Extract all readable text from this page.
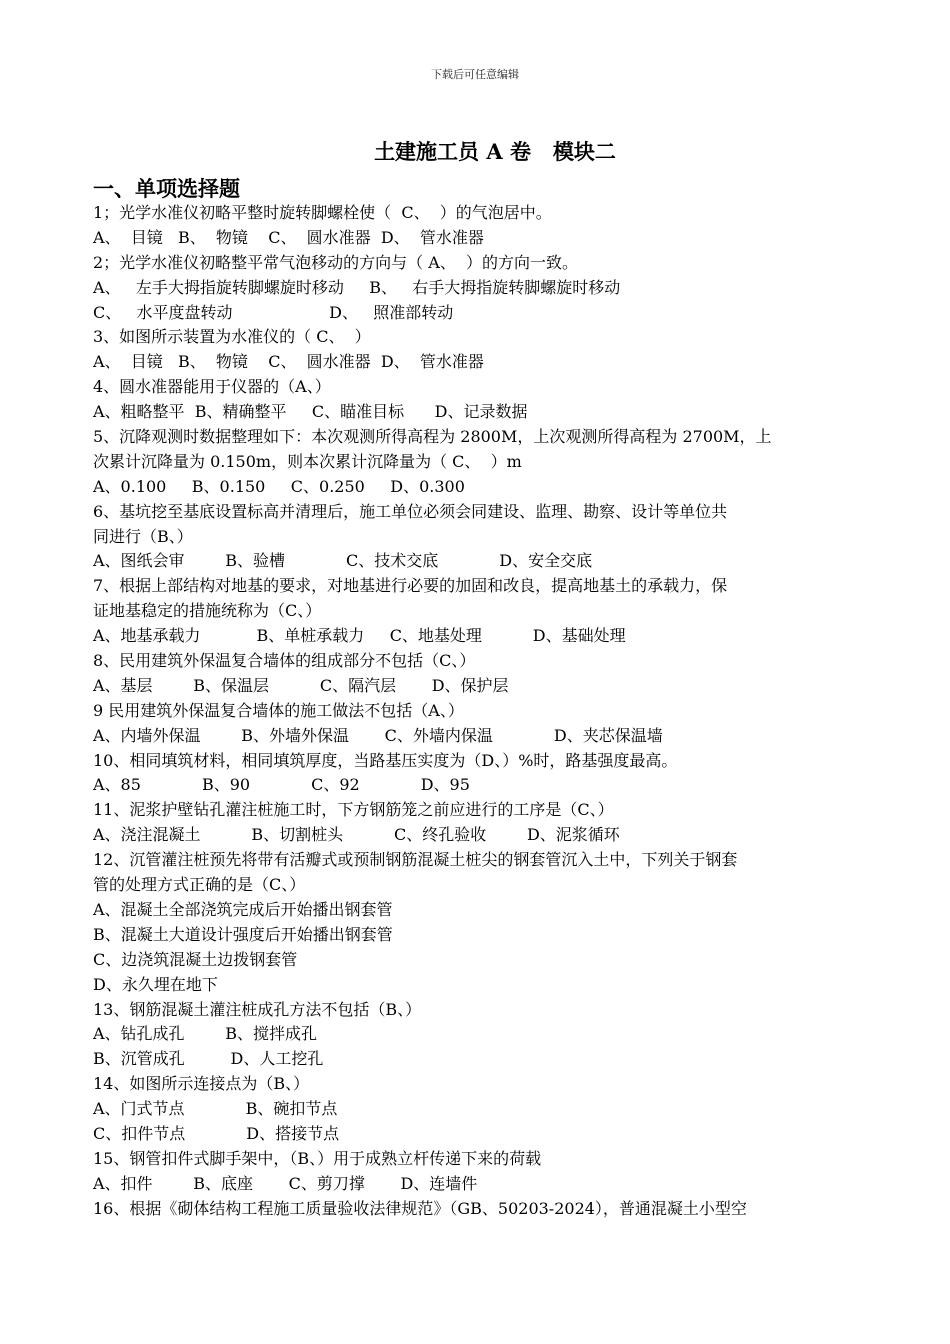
下载后可任意编辑
土建施工员 A 卷   模块二
一、单项选择题
1；光学水准仪初略平整时旋转脚螺栓使（  C、  ）的气泡居中。
A、  目镜   B、  物镜    C、  圆水准器  D、  管水准器
2；光学水准仪初略整平常气泡移动的方向与（ A、  ）的方向一致。
A、   左手大拇指旋转脚螺旋时移动     B、   右手大拇指旋转脚螺旋时移动
C、   水平度盘转动                   D、   照准部转动
3、如图所示装置为水准仪的（ C、  ）
A、  目镜   B、  物镜    C、  圆水准器  D、  管水准器
4、圆水准器能用于仪器的（A、）
A、粗略整平  B、精确整平     C、瞄准目标      D、记录数据
5、沉降观测时数据整理如下：本次观测所得高程为 2800M，上次观测所得高程为 2700M，上
次累计沉降量为 0.150m，则本次累计沉降量为（ C、  ）m
A、0.100     B、0.150     C、0.250     D、0.300
6、基坑挖至基底设置标高并清理后，施工单位必须会同建设、监理、勘察、设计等单位共
同进行（B、）
A、图纸会审        B、验槽            C、技术交底            D、安全交底
7、根据上部结构对地基的要求，对地基进行必要的加固和改良，提高地基土的承载力，保
证地基稳定的措施统称为（C、）
A、地基承载力           B、单桩承载力     C、地基处理          D、基础处理
8、民用建筑外保温复合墙体的组成部分不包括（C、）
A、基层        B、保温层          C、隔汽层       D、保护层
9 民用建筑外保温复合墙体的施工做法不包括（A、）
A、内墙外保温        B、外墙外保温       C、外墙内保温            D、夹芯保温墙
10、相同填筑材料，相同填筑厚度，当路基压实度为（D、）%时，路基强度最高。
A、85            B、90            C、92            D、95
11、泥浆护壁钻孔灌注桩施工时，下方钢筋笼之前应进行的工序是（C、）
A、浇注混凝土          B、切割桩头          C、终孔验收        D、泥浆循环
12、沉管灌注桩预先将带有活瓣式或预制钢筋混凝土桩尖的钢套管沉入土中，下列关于钢套
管的处理方式正确的是（C、）
A、混凝土全部浇筑完成后开始播出钢套管
B、混凝土大道设计强度后开始播出钢套管
C、边浇筑混凝土边拨钢套管
D、永久埋在地下
13、钢筋混凝土灌注桩成孔方法不包括（B、）
A、钻孔成孔        B、搅拌成孔
B、沉管成孔         D、人工挖孔
14、如图所示连接点为（B、）
A、门式节点            B、碗扣节点
C、扣件节点            D、搭接节点
15、钢管扣件式脚手架中，（B、）用于成熟立杆传递下来的荷载
A、扣件        B、底座       C、剪刀撑       D、连墙件
16、根据《砌体结构工程施工质量验收法律规范》（GB、50203-2024），普通混凝土小型空
